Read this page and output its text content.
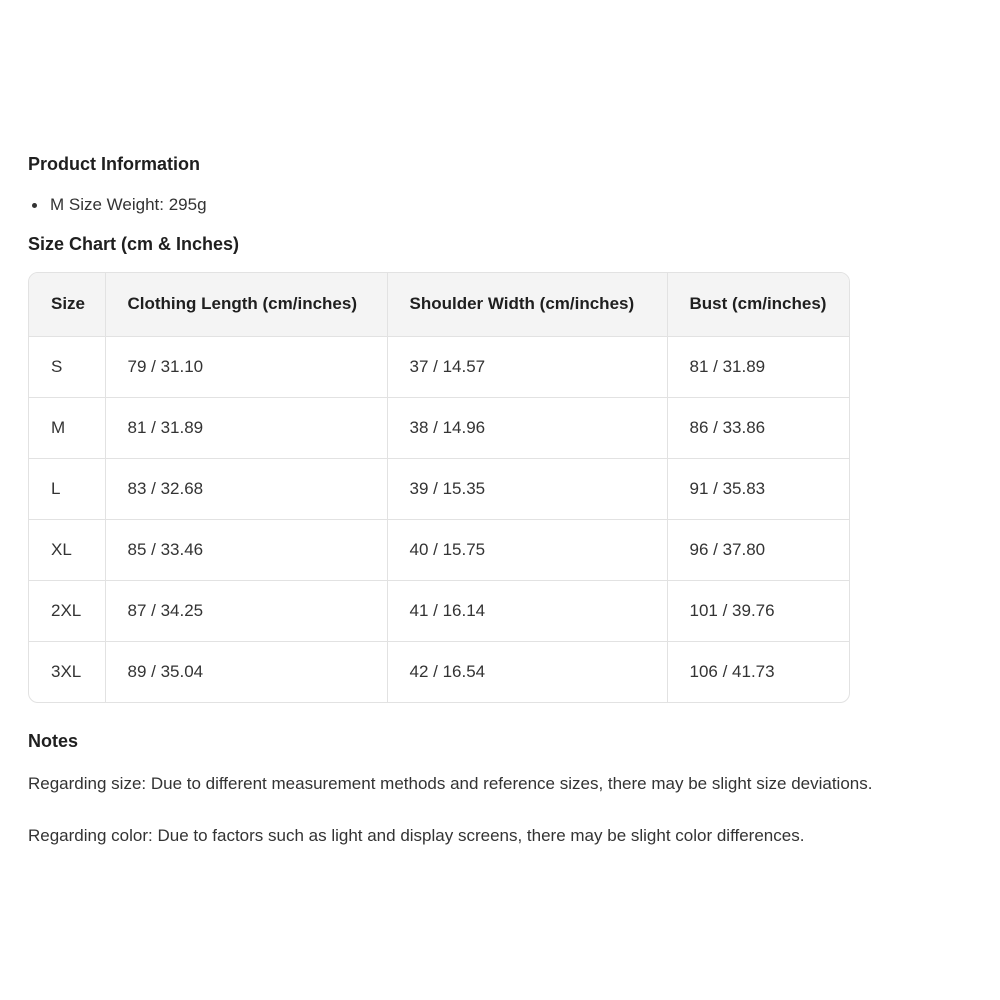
Product Information
M Size Weight: 295g
Size Chart (cm & Inches)
Size	Clothing Length (cm/inches)	Shoulder Width (cm/inches)	Bust (cm/inches)
S	79 / 31.10	37 / 14.57	81 / 31.89
M	81 / 31.89	38 / 14.96	86 / 33.86
L	83 / 32.68	39 / 15.35	91 / 35.83
XL	85 / 33.46	40 / 15.75	96 / 37.80
2XL	87 / 34.25	41 / 16.14	101 / 39.76
3XL	89 / 35.04	42 / 16.54	106 / 41.73
Notes

Regarding size: Due to different measurement methods and reference sizes, there may be slight size deviations.

Regarding color: Due to factors such as light and display screens, there may be slight color differences.
